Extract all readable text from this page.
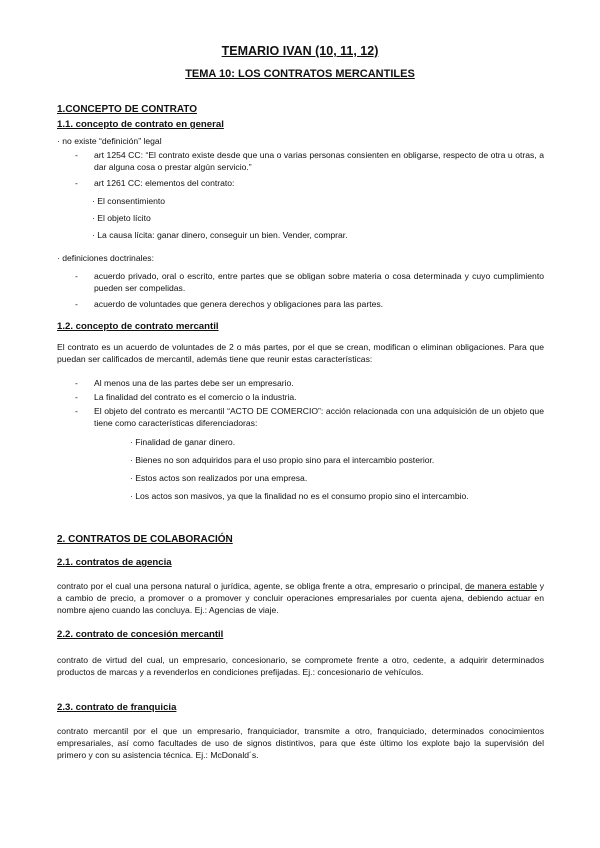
TEMARIO IVAN (10, 11, 12)
TEMA 10: LOS CONTRATOS MERCANTILES
1.CONCEPTO DE CONTRATO
1.1. concepto de contrato en general
· no existe “definición” legal
- art 1254 CC: “El contrato existe desde que una o varias personas consienten en obligarse, respecto de otra u otras, a dar alguna cosa o prestar algún servicio.”
- art 1261 CC: elementos del contrato:
· El consentimiento
· El objeto lícito
· La causa lícita: ganar dinero, conseguir un bien. Vender, comprar.
· definiciones doctrinales:
- acuerdo privado, oral o escrito, entre partes que se obligan sobre materia o cosa determinada y cuyo cumplimiento pueden ser compelidas.
- acuerdo de voluntades que genera derechos y obligaciones para las partes.
1.2. concepto de contrato mercantil
El contrato es un acuerdo de voluntades de 2 o más partes, por el que se crean, modifican o eliminan obligaciones. Para que puedan ser calificados de mercantil, además tiene que reunir estas características:
- Al menos una de las partes debe ser un empresario.
- La finalidad del contrato es el comercio o la industria.
- El objeto del contrato es mercantil “ACTO DE COMERCIO”: acción relacionada con una adquisición de un objeto que tiene como características diferenciadoras:
· Finalidad de ganar dinero.
· Bienes no son adquiridos para el uso propio sino para el intercambio posterior.
· Estos actos son realizados por una empresa.
· Los actos son masivos, ya que la finalidad no es el consumo propio sino el intercambio.
2. CONTRATOS DE COLABORACIÓN
2.1. contratos de agencia
contrato por el cual una persona natural o jurídica, agente, se obliga frente a otra, empresario o principal, de manera estable y a cambio de precio, a promover o a promover y concluir operaciones empresariales por cuenta ajena, debiendo actuar en nombre ajeno cuando las concluya. Ej.: Agencias de viaje.
2.2. contrato de concesión mercantil
contrato de virtud del cual, un empresario, concesionario, se compromete frente a otro, cedente, a adquirir determinados productos de marcas y a revenderlos en condiciones prefijadas. Ej.: concesionario de vehículos.
2.3. contrato de franquicia
contrato mercantil por el que un empresario, franquiciador, transmite a otro, franquiciado, determinados conocimientos empresariales, así como facultades de uso de signos distintivos, para que éste último los explote bajo la supervisión del primero y con su asistencia técnica. Ej.: McDonald´s.
